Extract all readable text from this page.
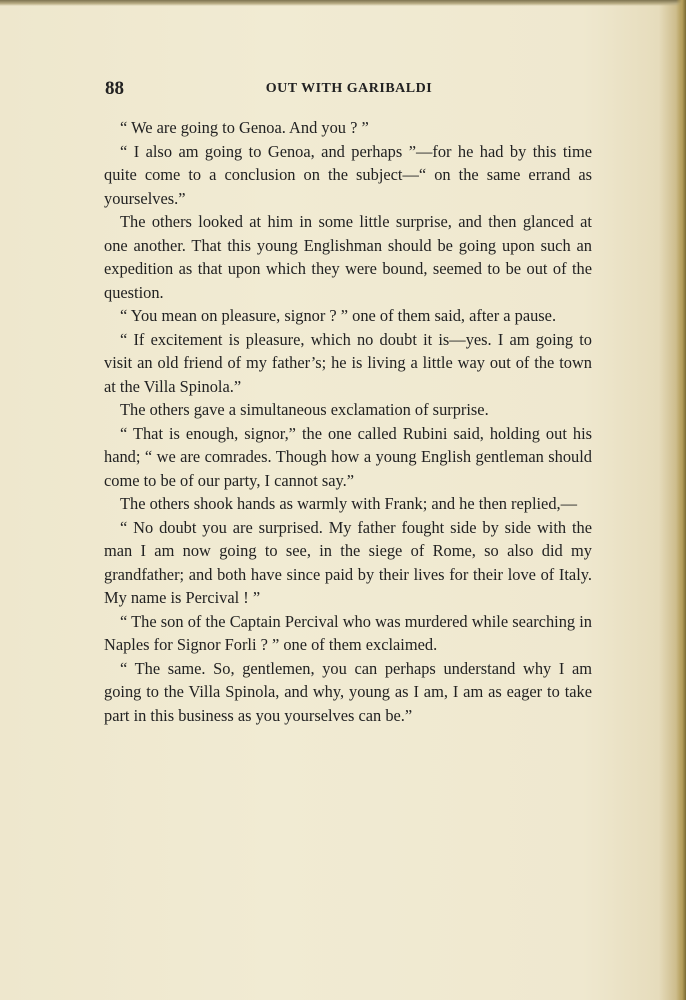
88	OUT WITH GARIBALDI

“ We are going to Genoa. And you ? ”

“ I also am going to Genoa, and perhaps ”—for he had by this time quite come to a conclusion on the subject—“ on the same errand as yourselves.”

The others looked at him in some little surprise, and then glanced at one another. That this young Englishman should be going upon such an expedition as that upon which they were bound, seemed to be out of the question.

“ You mean on pleasure, signor ? ” one of them said, after a pause.

“ If excitement is pleasure, which no doubt it is—yes. I am going to visit an old friend of my father’s; he is living a little way out of the town at the Villa Spinola.”

The others gave a simultaneous exclamation of surprise.

“ That is enough, signor,” the one called Rubini said, holding out his hand; “ we are comrades. Though how a young English gentleman should come to be of our party, I cannot say.”

The others shook hands as warmly with Frank; and he then replied,—

“ No doubt you are surprised. My father fought side by side with the man I am now going to see, in the siege of Rome, so also did my grandfather; and both have since paid by their lives for their love of Italy. My name is Percival ! ”

“ The son of the Captain Percival who was murdered while searching in Naples for Signor Forli ? ” one of them exclaimed.

“ The same. So, gentlemen, you can perhaps understand why I am going to the Villa Spinola, and why, young as I am, I am as eager to take part in this business as you yourselves can be.”
